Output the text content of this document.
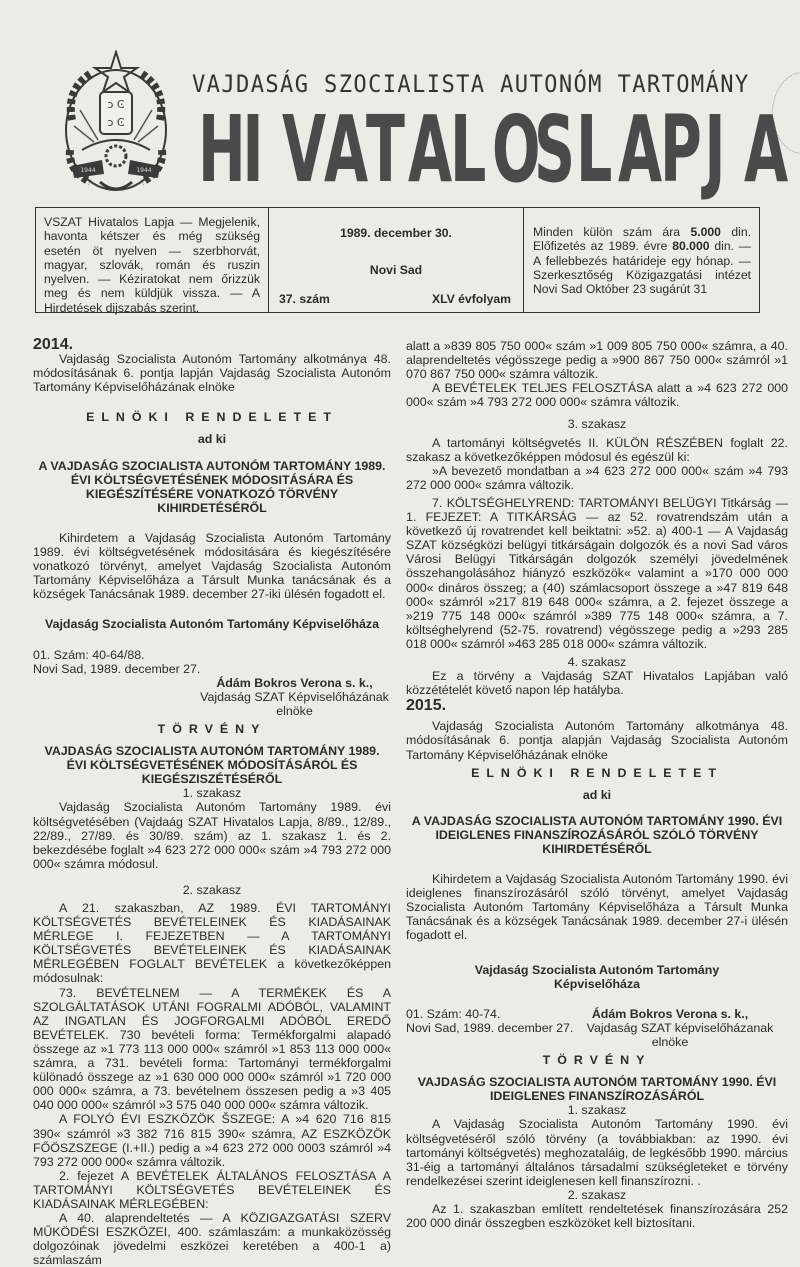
ͻ Ͼ
ͻ Ͼ
1944	1944
VAJDASÁG SZOCIALISTA AUTONÓM TARTOMÁNY
H
I V
A
T A
L O
S L A
P J A
VSZAT Hivatalos Lapja — Megjelenik, havonta kétszer és még szükség esetén öt nyelven — szerbhorvát, magyar, szlovák, román és ruszin nyelven. — Kéziratokat nem őrizzük meg és nem küldjük vissza. — A Hirdetések dijszabás szerint.
1989. december 30.
Novi Sad
37. szám	XLV évfolyam
Minden külön szám ára 5.000 din. Előfizetés az 1989. évre 80.000 din. — A fellebbezés határideje egy hónap. — Szerkesztőség Közigazgatási intézet Novi Sad Október 23 sugárút 31

2014.

Vajdaság Szocialista Autonóm Tartomány alkotmánya 48. módosításának 6. pontja lapján Vajdaság Szocialista Autonóm Tartomány Képviselőházának elnöke

ELNÖKI RENDELETET

ad ki

A VAJDASÁG SZOCIALISTA AUTONÓM TARTOMÁNY 1989. ÉVI KÖLTSÉGVETÉSÉNEK MÓDOSITÁSÁRA ÉS KIEGÉSZÍTÉSÉRE VONATKOZÓ TÖRVÉNY KIHIRDETÉSÉRŐL

Kihirdetem a Vajdaság Szocialista Autonóm Tartomány 1989. évi költségvetésének módositására és kiegészítésére vonatkozó törvényt, amelyet Vajdaság Szocialista Autonóm Tartomány Képviselőháza a Társult Munka tanácsának és a községek Tanácsának 1989. december 27-iki ülésén fogadott el.

Vajdaság Szocialista Autonóm Tartomány Képviselőháza

01. Szám: 40-64/88.

Novi Sad, 1989. december 27.

Ádám Bokros Verona s. k.,

Vajdaság SZAT Képviselőházának

elnöke

TÖRVÉNY

VAJDASÁG SZOCIALISTA AUTONÓM TARTOMÁNY 1989. ÉVI KÖLTSÉGVETÉSÉNEK MÓDOSÍTÁSÁRÓL ÉS KIEGÉSZISZÉTÉSÉRŐL

1. szakasz

Vajdaság Szocialista Autonóm Tartomány 1989. évi költségvetésében (Vajdaág SZAT Hivatalos Lapja, 8/89., 12/89., 22/89., 27/89. és 30/89. szám) az 1. szakasz 1. és 2. bekezdésébe foglalt »4 623 272 000 000« szám »4 793 272 000 000« számra módosul.

2. szakasz

A 21. szakaszban, AZ 1989. ÉVI TARTOMÁNYI KÖLTSÉGVETÉS BEVÉTELEINEK ÉS KIADÁSAINAK MÉRLEGE I. FEJEZETBEN — A TARTOMÁNYI KÖLTSÉGVETÉS BEVÉTELEINEK ÉS KIADÁSAINAK MÉRLEGÉBEN FOGLALT BEVÉTELEK a következőképpen módosulnak:

73. BEVÉTELNEM — A TERMÉKEK ÉS A SZOLGÁLTATÁSOK UTÁNI FOGRALMI ADÓBÓL, VALAMINT AZ INGATLAN ÉS JOGFORGALMI ADÓBÓL EREDŐ BEVÉTELEK. 730 bevételi forma: Termékforgalmi alapadó összege az »1 773 113 000 000« számról »1 853 113 000 000« számra, a 731. bevételi forma: Tartományi termékforgalmi különadó összege az »1 630 000 000 000« számról »1 720 000 000 000« számra, a 73. bevételnem összesen pedig a »3 405 040 000 000« számról »3 575 040 000 000« számra változik.

A FOLYÓ ÉVI ESZKÖZÖK ŠSZEGE: A »4 620 716 815 390« számról »3 382 716 815 390« számra, AZ ESZKÖZÖK FŐÖSZSZEGE (I.+II.) pedig a »4 623 272 000 0003 számról »4 793 272 000 000« számra változik.

2. fejezet A BEVÉTELEK ÁLTALÁNOS FELOSZTÁSA A TARTOMÁNYI KÖLTSÉGVETÉS BEVÉTELEINEK ÉS KIADÁSAINAK MÉRLEGÉBEN:

A 40. alaprendeltetés — A KÖZIGAZGATÁSI SZERV MŰKÖDÉSI ESZKÖZEI, 400. számlaszám: a munkaközösség dolgozóinak jövedelmi eszközei keretében a 400-1 a) számlaszám

alatt a »839 805 750 000« szám »1 009 805 750 000« számra, a 40. alaprendeltetés végösszege pedig a »900 867 750 000« számról »1 070 867 750 000« számra változik.

A BEVÉTELEK TELJES FELOSZTÁSA alatt a »4 623 272 000 000« szám »4 793 272 000 000« számra változik.

3. szakasz

A tartományi költségvetés II. KÜLÖN RÉSZÉBEN foglalt 22. szakasz a következőképpen módosul és egészül ki:

»A bevezető mondatban a »4 623 272 000 000« szám »4 793 272 000 000« számra változik.

7. KÖLTSÉGHELYREND: TARTOMÁNYI BELÜGYI Titkárság — 1. FEJEZET: A TITKÁRSÁG — az 52. rovatrendszám után a következő új rovatrendet kell beiktatni: »52. a) 400-1 — A Vajdaság SZAT községközi belügyi titkárságain dolgozók és a novi Sad város Városi Belügyi Titkárságán dolgozók személyi jövedelmének összehangolásához hiányzó eszközök« valamint a »170 000 000 000« dináros összeg; a (40) számlacsoport összege a »47 819 648 000« számról »217 819 648 000« számra, a 2. fejezet összege a »219 775 148 000« számról »389 775 148 000« számra, a 7. költséghelyrend (52-75. rovatrend) végösszege pedig a »293 285 018 000« számról »463 285 018 000« számra változik.

4. szakasz

Ez a törvény a Vajdaság SZAT Hivatalos Lapjában való közzétételét követő napon lép hatályba.

2015.

Vajdaság Szocialista Autonóm Tartomány alkotmánya 48. módosításának 6. pontja alapján Vajdaság Szocialista Autonóm Tartomány Képviselőházának elnöke

ELNÖKI RENDELETET

ad ki

A VAJDASÁG SZOCIALISTA AUTONÓM TARTOMÁNY 1990. ÉVI IDEIGLENES FINANSZÍROZÁSÁRÓL SZÓLÓ TÖRVÉNY KIHIRDETÉSÉRŐL

Kihirdetem a Vajdaság Szocialista Autonóm Tartomány 1990. évi ideiglenes finanszírozásáról szóló törvényt, amelyet Vajdaság Szocialista Autonóm Tartomány Képviselőháza a Társult Munka Tanácsának és a községek Tanácsának 1989. december 27-i ülésén fogadott el.

Vajdaság Szocialista Autonóm Tartomány

Képviselőháza

01. Szám: 40-74.

Novi Sad, 1989. december 27.

Ádám Bokros Verona s. k.,

Vajdaság SZAT képviselőházanak

elnöke

TÖRVÉNY

VAJDASÁG SZOCIALISTA AUTONÓM TARTOMÁNY 1990. ÉVI IDEIGLENES FINANSZÍROZÁSÁRÓL

1. szakasz

A Vajdaság Szocialista Autonóm Tartomány 1990. évi költségvetéséről szóló törvény (a továbbiakban: az 1990. évi tartományi költségvetés) meghozataláig, de legkésőbb 1990. március 31-éig a tartományi általános társadalmi szükségleteket e törvény rendelkezései szerint ideiglenesen kell finanszírozni. .

2. szakasz

Az 1. szakaszban említett rendeltetések finanszírozására 252 200 000 dinár összegben eszközöket kell biztosítani.
